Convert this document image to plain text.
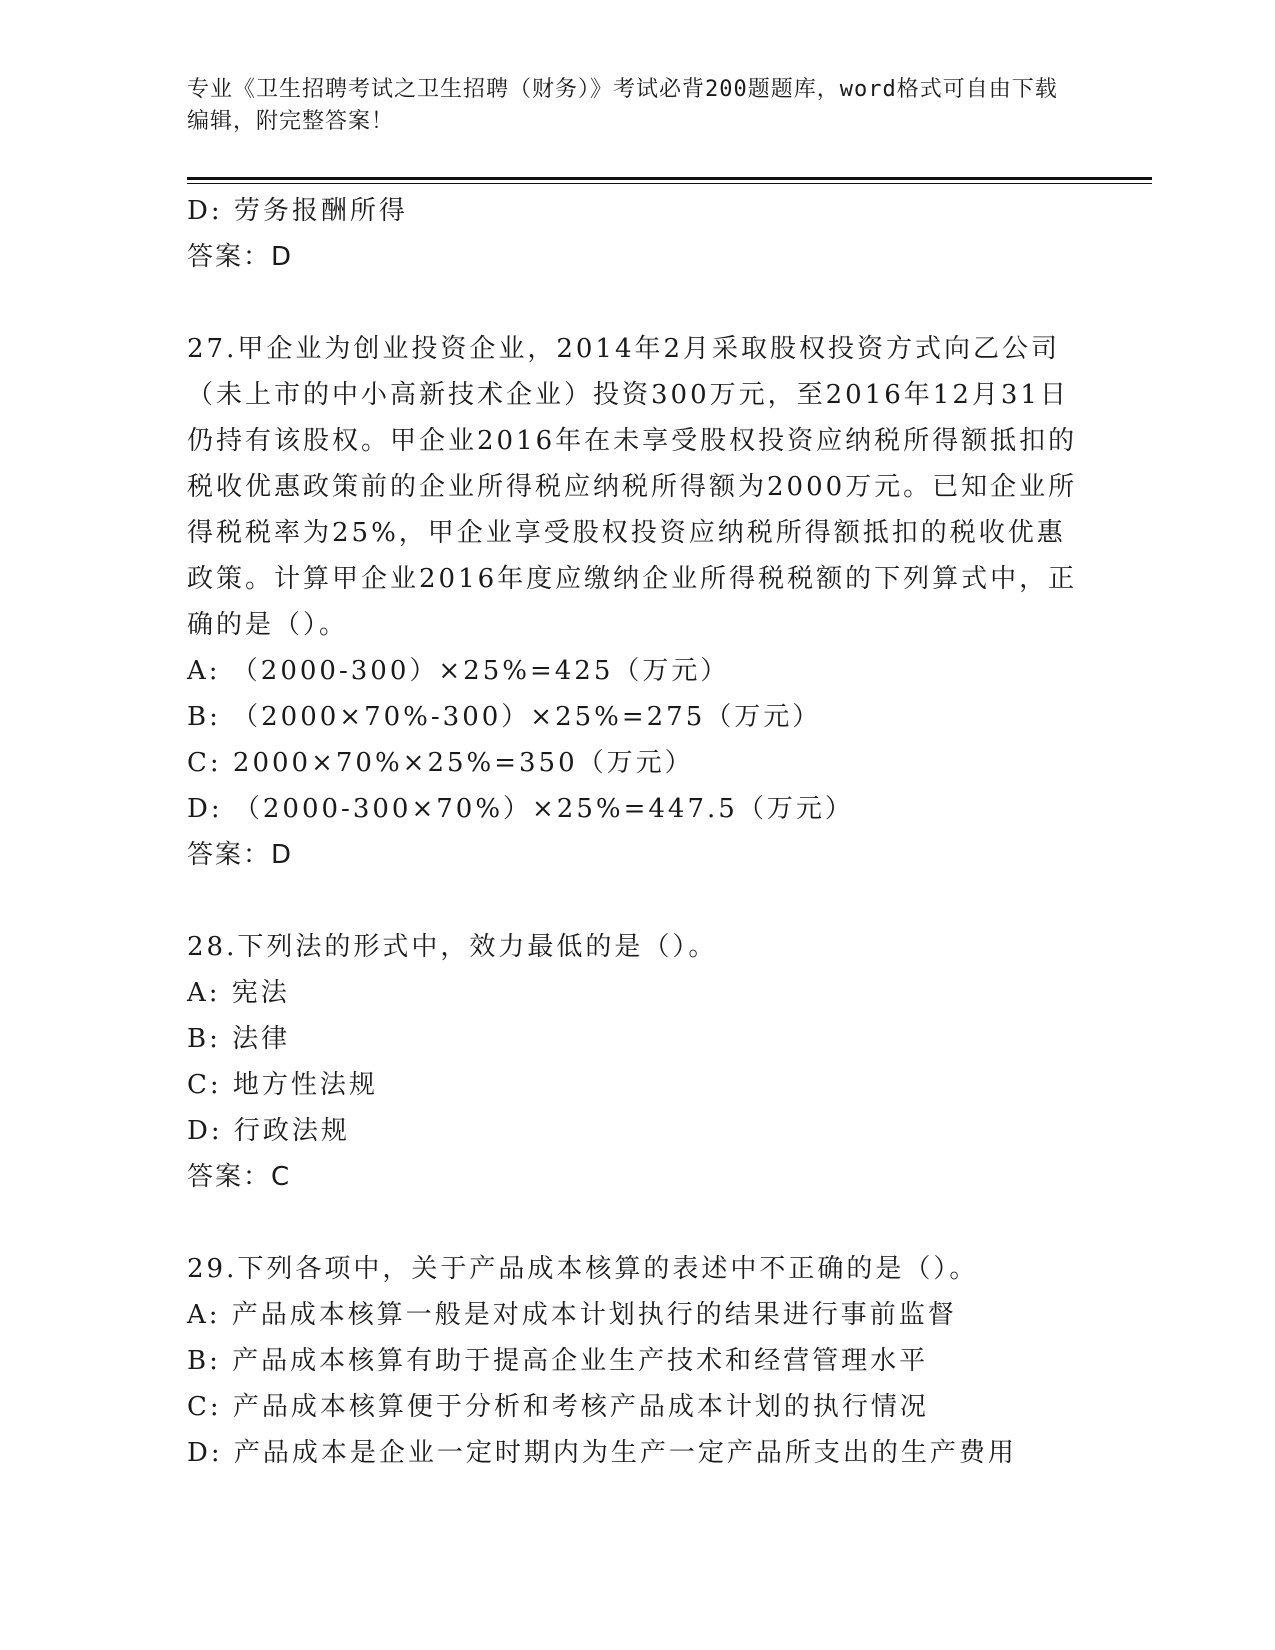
专业《卫生招聘考试之卫生招聘（财务）》考试必背200题题库，word格式可自由下载编辑，附完整答案！
D: 劳务报酬所得
答案：D
27.甲企业为创业投资企业，2014年2月采取股权投资方式向乙公司（未上市的中小高新技术企业）投资300万元，至2016年12月31日仍持有该股权。甲企业2016年在未享受股权投资应纳税所得额抵扣的税收优惠政策前的企业所得税应纳税所得额为2000万元。已知企业所得税税率为25%，甲企业享受股权投资应纳税所得额抵扣的税收优惠政策。计算甲企业2016年度应缴纳企业所得税税额的下列算式中，正确的是（）。
A: （2000-300）×25%=425（万元）
B: （2000×70%-300）×25%=275（万元）
C: 2000×70%×25%=350（万元）
D: （2000-300×70%）×25%=447.5（万元）
答案：D
28.下列法的形式中，效力最低的是（）。
A: 宪法
B: 法律
C: 地方性法规
D: 行政法规
答案：C
29.下列各项中，关于产品成本核算的表述中不正确的是（）。
A: 产品成本核算一般是对成本计划执行的结果进行事前监督
B: 产品成本核算有助于提高企业生产技术和经营管理水平
C: 产品成本核算便于分析和考核产品成本计划的执行情况
D: 产品成本是企业一定时期内为生产一定产品所支出的生产费用
